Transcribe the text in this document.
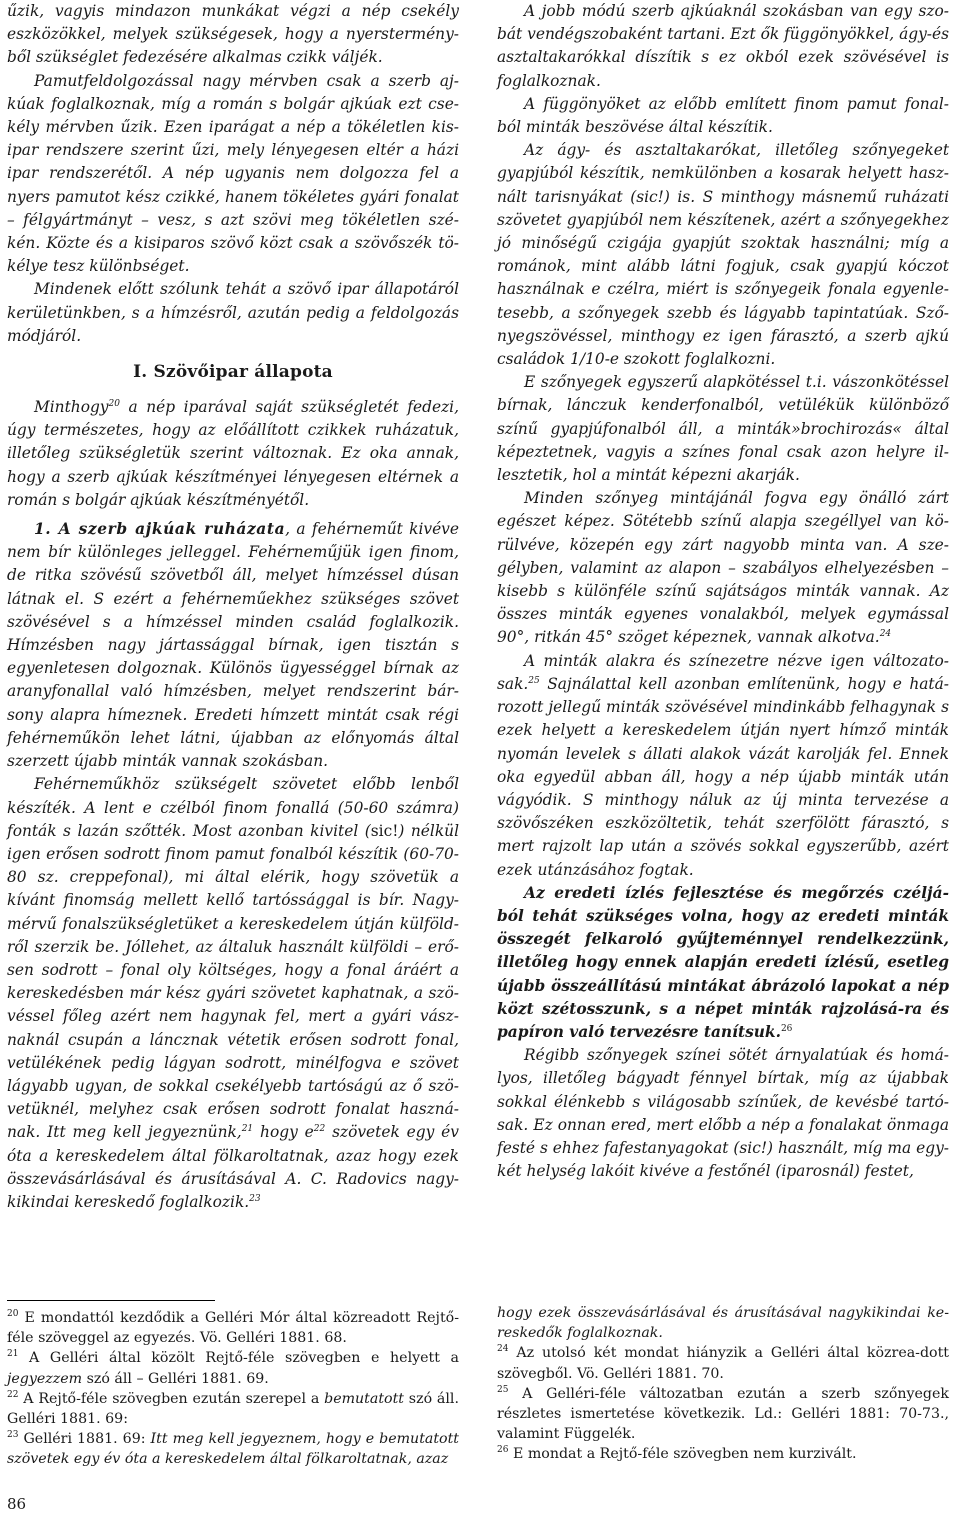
űzik, vagyis mindazon munkákat végzi a nép csekély eszközökkel, melyek szükségesek, hogy a nyerstermény-ből szükséglet fedezésére alkalmas czikk váljék.

Pamutfeldolgozással nagy mérvben csak a szerb aj-kúak foglalkoznak, míg a román s bolgár ajkúak ezt cse-kély mérvben űzik. Ezen iparágat a nép a tökéletlen kis-ipar rendszere szerint űzi, mely lényegesen eltér a házi ipar rendszerétől. A nép ugyanis nem dolgozza fel a nyers pamutot kész czikké, hanem tökéletes gyári fonalat – félgyártmányt – vesz, s azt szövi meg tökéletlen szé-kén. Közte és a kisiparos szövő közt csak a szövőszék tö-kélye tesz különbséget.

Mindenek előtt szólunk tehát a szövő ipar állapotáról kerületünkben, s a hímzésről, azután pedig a feldolgozás módjáról.

I. Szövőipar állapota

Minthogy$^{20}$ a nép iparával saját szükségletét fedezi, úgy természetes, hogy az előállított czikkek ruházatuk, illetőleg szükségletük szerint változnak. Ez oka annak, hogy a szerb ajkúak készítményei lényegesen eltérnek a román s bolgár ajkúak készítményétől.

1. A szerb ajkúak ruházata, a fehérneműt kivéve nem bír különleges jelleggel. Fehérneműjük igen finom, de ritka szövésű szövetből áll, melyet hímzéssel dúsan látnak el. S ezért a fehérneműekhez szükséges szövet szövésével s a hímzéssel minden család foglalkozik. Hímzésben nagy jártassággal bírnak, igen tisztán s egyenletesen dolgoznak. Különös ügyességgel bírnak az aranyfonallal való hímzésben, melyet rendszerint bár-sony alapra hímeznek. Eredeti hímzett mintát csak régi fehérneműkön lehet látni, újabban az előnyomás által szerzett újabb minták vannak szokásban.

Fehérneműkhöz szükségelt szövetet előbb lenből készíték. A lent e czélból finom fonallá (50-60 számra) fonták s lazán szőtték. Most azonban kivitel (sic!) nélkül igen erősen sodrott finom pamut fonalból készítik (60-70-80 sz. creppefonal), mi által elérik, hogy szövetük a kívánt finomság mellett kellő tartóssággal is bír. Nagy-mérvű fonalszükségletüket a kereskedelem útján külföld-ről szerzik be. Jóllehet, az általuk használt külföldi – erő-sen sodrott – fonal oly költséges, hogy a fonal áráért a kereskedésben már kész gyári szövetet kaphatnak, a szö-véssel főleg azért nem hagynak fel, mert a gyári vász-naknál csupán a láncznak vétetik erősen sodrott fonal, vetülékének pedig lágyan sodrott, minélfogva e szövet lágyabb ugyan, de sokkal csekélyebb tartóságú az ő szö-vetüknél, melyhez csak erősen sodrott fonalat haszná-nak. Itt meg kell jegyeznünk,$^{21}$ hogy $e^{22}$ szövetek egy év óta a kereskedelem által fölkaroltatnak, azaz hogy ezek összevásárlásával és árusításával A. C. Radovics nagy-kikindai kereskedő foglalkozik.$^{23}$

A jobb módú szerb ajkúaknál szokásban van egy szo-bát vendégszobaként tartani. Ezt ők függönyökkel, ágy-és asztaltakarókkal díszítik s ez okból ezek szövésével is foglalkoznak.

A függönyöket az előbb említett finom pamut fonal-ból minták beszövése által készítik.

Az ágy- és asztaltakarókat, illetőleg szőnyegeket gyapjúból készítik, nemkülönben a kosarak helyett hasz-nált tarisnyákat (sic!) is. S minthogy másnemű ruházati szövetet gyapjúból nem készítenek, azért a szőnyegekhez jó minőségű czigája gyapjút szoktak használni; míg a románok, mint alább látni fogjuk, csak gyapjú kóczot használnak e czélra, miért is szőnyegeik fonala egyenle-tesebb, a szőnyegek szebb és lágyabb tapintatúak. Sző-nyegszövéssel, minthogy ez igen fárasztó, a szerb ajkú családok 1/10-e szokott foglalkozni.

E szőnyegek egyszerű alapkötéssel t.i. vászonkötéssel bírnak, lánczuk kenderfonalból, vetülékük különböző színű gyapjúfonalból áll, a minták»brochirozás« által képeztetnek, vagyis a színes fonal csak azon helyre il-lesztetik, hol a mintát képezni akarják.

Minden szőnyeg mintájánál fogva egy önálló zárt egészet képez. Sötétebb színű alapja szegéllyel van kö-rülvéve, közepén egy zárt nagyobb minta van. A sze-gélyben, valamint az alapon – szabályos elhelyezésben – kisebb s különféle színű sajátságos minták vannak. Az összes minták egyenes vonalakból, melyek egymással 90°, ritkán 45° szöget képeznek, vannak alkotva.$^{24}$

A minták alakra és színezetre nézve igen változato-sak.$^{25}$ Sajnálattal kell azonban említenünk, hogy e hatá-rozott jellegű minták szövésével mindinkább felhagynak s ezek helyett a kereskedelem útján nyert hímző minták nyomán levelek s állati alakok vázát karolják fel. Ennek oka egyedül abban áll, hogy a nép újabb minták után vágyódik. S minthogy náluk az új minta tervezése a szövőszéken eszközöltetik, tehát szerfölött fárasztó, s mert rajzolt lap után a szövés sokkal egyszerűbb, azért ezek utánzásához fogtak.

Az eredeti ízlés fejlesztése és megőrzés czéljá-ból tehát szükséges volna, hogy az eredeti minták összegét felkaroló gyűjteménnyel rendelkezzünk, illetőleg hogy ennek alapján eredeti ízlésű, esetleg újabb összeállítású mintákat ábrázoló lapokat a nép közt szétosszunk, s a népet minták rajzolásá-ra és papíron való tervezésre tanítsuk.$^{26}$

Régibb szőnyegek színei sötét árnyalatúak és homá-lyos, illetőleg bágyadt fénnyel bírtak, míg az újabbak sokkal élénkebb s világosabb színűek, de kevésbé tartó-sak. Ez onnan ered, mert előbb a nép a fonalakat önmaga festé s ehhez fafestanyagokat (sic!) használt, míg ma egy-két helység lakóit kivéve a festőnél (iparosnál) festet,

$^{20}$ E mondattól kezdődik a Gelléri Mór által közreadott Rejtő-féle szöveggel az egyezés. Vö. Gelléri 1881. 68.

$^{21}$ A Gelléri által közölt Rejtő-féle szövegben e helyett a jegyezzem szó áll – Gelléri 1881. 69.

$^{22}$ A Rejtő-féle szövegben ezután szerepel a bemutatott szó áll. Gelléri 1881. 69:

$^{23}$ Gelléri 1881. 69: Itt meg kell jegyeznem, hogy e bemutatott szövetek egy év óta a kereskedelem által fölkaroltatnak, azaz

hogy ezek összevásárlásával és árusításával nagykikindai ke-reskedők foglalkoznak.

$^{24}$ Az utolsó két mondat hiányzik a Gelléri által közrea-dott szövegből. Vö. Gelléri 1881. 70.

$^{25}$ A Gelléri-féle változatban ezután a szerb szőnyegek részletes ismertetése következik. Ld.: Gelléri 1881: 70-73., valamint Függelék.

$^{26}$ E mondat a Rejtő-féle szövegben nem kurzivált.

86
